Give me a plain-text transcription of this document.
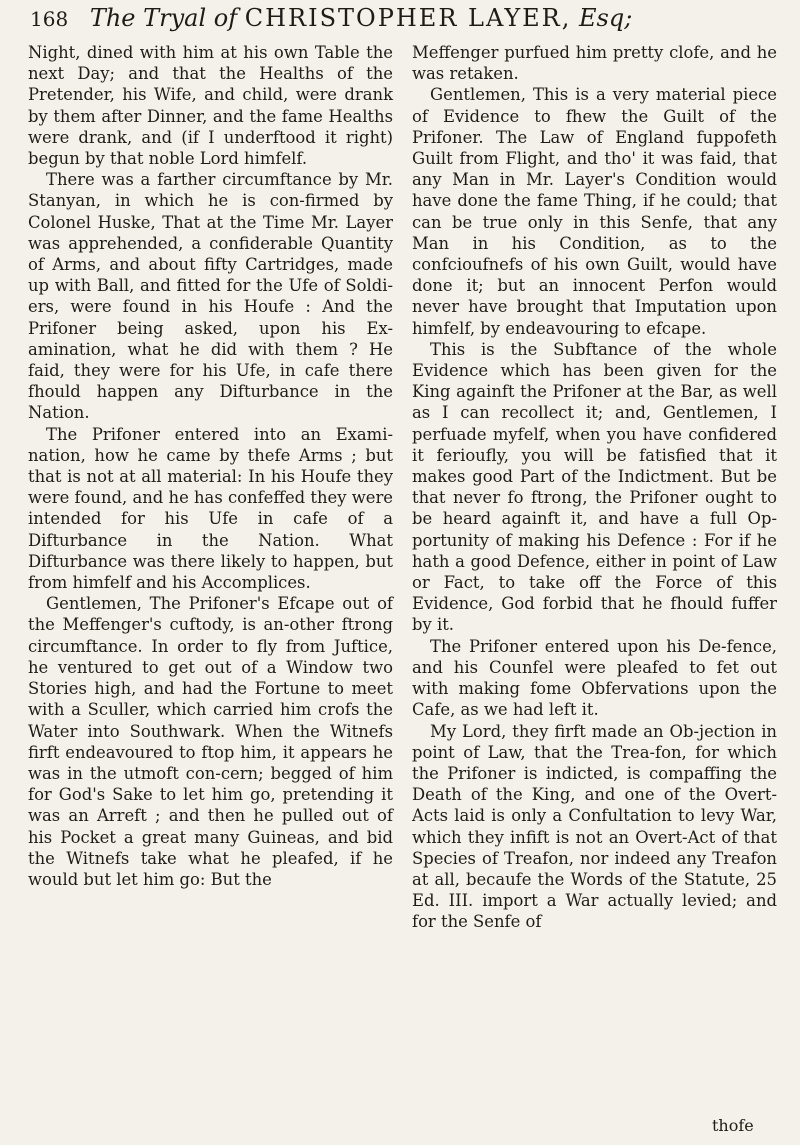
168 The Tryal of CHRISTOPHER LAYER, Esq;

Night, dined with him at his own Table the next Day; and that the Healths of the Pretender, his Wife, and child, were drank by them after Dinner, and the fame Healths were drank, and (if I underftood it right) begun by that noble Lord himfelf.

There was a farther circumftance by Mr. Stanyan, in which he is con-firmed by Colonel Huske, That at the Time Mr. Layer was apprehended, a confiderable Quantity of Arms, and about fifty Cartridges, made up with Ball, and fitted for the Ufe of Soldi-ers, were found in his Houfe : And the Prifoner being asked, upon his Ex-amination, what he did with them ? He faid, they were for his Ufe, in cafe there fhould happen any Difturbance in the Nation.

The Prifoner entered into an Exami-nation, how he came by thefe Arms ; but that is not at all material: In his Houfe they were found, and he has confeffed they were intended for his Ufe in cafe of a Difturbance in the Nation. What Difturbance was there likely to happen, but from himfelf and his Accomplices.

Gentlemen, The Prifoner's Efcape out of the Meffenger's cuftody, is an-other ftrong circumftance. In order to fly from Juftice, he ventured to get out of a Window two Stories high, and had the Fortune to meet with a Sculler, which carried him crofs the Water into Southwark. When the Witnefs firft endeavoured to ftop him, it appears he was in the utmoft con-cern; begged of him for God's Sake to let him go, pretending it was an Arreft ; and then he pulled out of his Pocket a great many Guineas, and bid the Witnefs take what he pleafed, if he would but let him go: But the

Meffenger purfued him pretty clofe, and he was retaken.

Gentlemen, This is a very material piece of Evidence to fhew the Guilt of the Prifoner. The Law of England fuppofeth Guilt from Flight, and tho' it was faid, that any Man in Mr. Layer's Condition would have done the fame Thing, if he could; that can be true only in this Senfe, that any Man in his Condition, as to the confcioufnefs of his own Guilt, would have done it; but an innocent Perfon would never have brought that Imputation upon himfelf, by endeavouring to efcape.

This is the Subftance of the whole Evidence which has been given for the King againft the Prifoner at the Bar, as well as I can recollect it; and, Gentlemen, I perfuade myfelf, when you have confidered it ferioufly, you will be fatisfied that it makes good Part of the Indictment. But be that never fo ftrong, the Prifoner ought to be heard againft it, and have a full Op-portunity of making his Defence : For if he hath a good Defence, either in point of Law or Fact, to take off the Force of this Evidence, God forbid that he fhould fuffer by it.

The Prifoner entered upon his De-fence, and his Counfel were pleafed to fet out with making fome Obfervations upon the Cafe, as we had left it.

My Lord, they firft made an Ob-jection in point of Law, that the Trea-fon, for which the Prifoner is indicted, is compaffing the Death of the King, and one of the Overt-Acts laid is only a Confultation to levy War, which they infift is not an Overt-Act of that Species of Treafon, nor indeed any Treafon at all, becaufe the Words of the Statute, 25 Ed. III. import a War actually levied; and for the Senfe of

thofe
